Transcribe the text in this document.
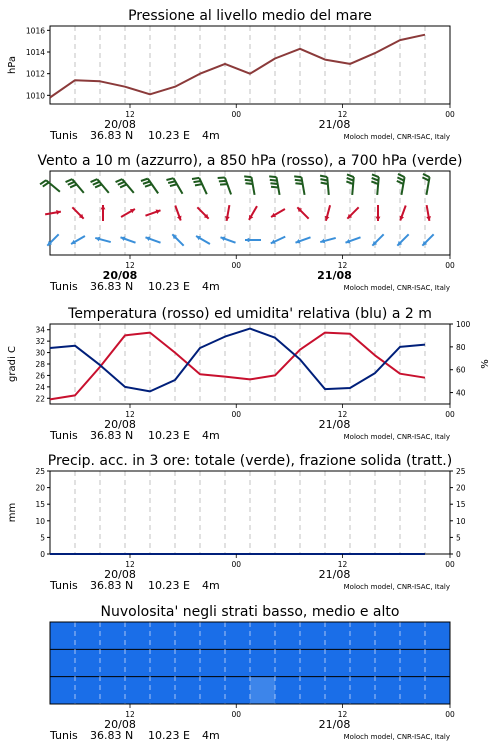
Pressione al livello medio del mare
1010
1012
1014
1016
hPa
12	00	12	00
20/08	21/08
Tunis 36.83 N 10.23 E 4m	Moloch model, CNR-ISAC, Italy
Vento a 10 m (azzurro), a 850 hPa (rosso), a 700 hPa (verde)
12	00	12	00
20/08	21/08
Tunis 36.83 N 10.23 E 4m	Moloch model, CNR-ISAC, Italy
Temperatura (rosso) ed umidita' relativa (blu) a 2 m
22
24
26
28
30
32
34
40
60
80
100
gradi C	%
12	00	12	00
20/08	21/08
Tunis 36.83 N 10.23 E 4m	Moloch model, CNR-ISAC, Italy
Precip. acc. in 3 ore: totale (verde), frazione solida (tratt.)
0	0
5	5
10	10
15	15
20	20
25	25
mm
12	00	12	00
20/08	21/08
Tunis 36.83 N 10.23 E 4m	Moloch model, CNR-ISAC, Italy
Nuvolosita' negli strati basso, medio e alto
12	00	12	00
20/08	21/08
Tunis 36.83 N 10.23 E 4m	Moloch model, CNR-ISAC, Italy
